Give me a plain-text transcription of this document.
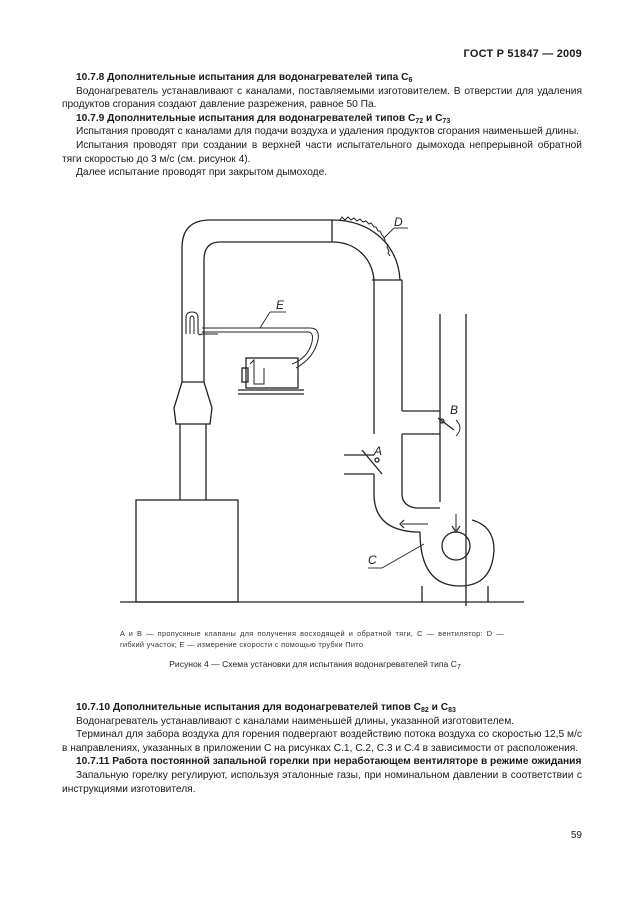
ГОСТ Р 51847 — 2009
10.7.8 Дополнительные испытания для водонагревателей типа $C_6$

Водонагреватель устанавливают с каналами, поставляемыми изготовителем. В отверстии для удаления продуктов сгорания создают давление разрежения, равное 50 Па.

10.7.9 Дополнительные испытания для водонагревателей типов $C_{72}$ и $C_{73}$

Испытания проводят с каналами для подачи воздуха и удаления продуктов сгорания наименьшей длины.

Испытания проводят при создании в верхней части испытательного дымохода непрерывной обратной тяги скоростью до 3 м/с (см. рисунок 4).

Далее испытание проводят при закрытом дымоходе.

D
B
A
C
E
A и B — пропускные клапаны для получения восходящей и обратной тяги, C — вентилятор: D — гибкий участок; E — измерение скорости с помощью трубки Пито
Рисунок 4 — Схема установки для испытания водонагревателей типа $C_7$
10.7.10 Дополнительные испытания для водонагревателей типов $C_{82}$ и $C_{83}$

Водонагреватель устанавливают с каналами наименьшей длины, указанной изготовителем.

Терминал для забора воздуха для горения подвергают воздействию потока воздуха со скоростью 12,5 м/с в направлениях, указанных в приложении C на рисунках C.1, C.2, C.3 и C.4 в зависимости от расположения.

10.7.11 Работа постоянной запальной горелки при неработающем вентиляторе в режиме ожидания

Запальную горелку регулируют, используя эталонные газы, при номинальном давлении в соответствии с инструкциями изготовителя.

59
